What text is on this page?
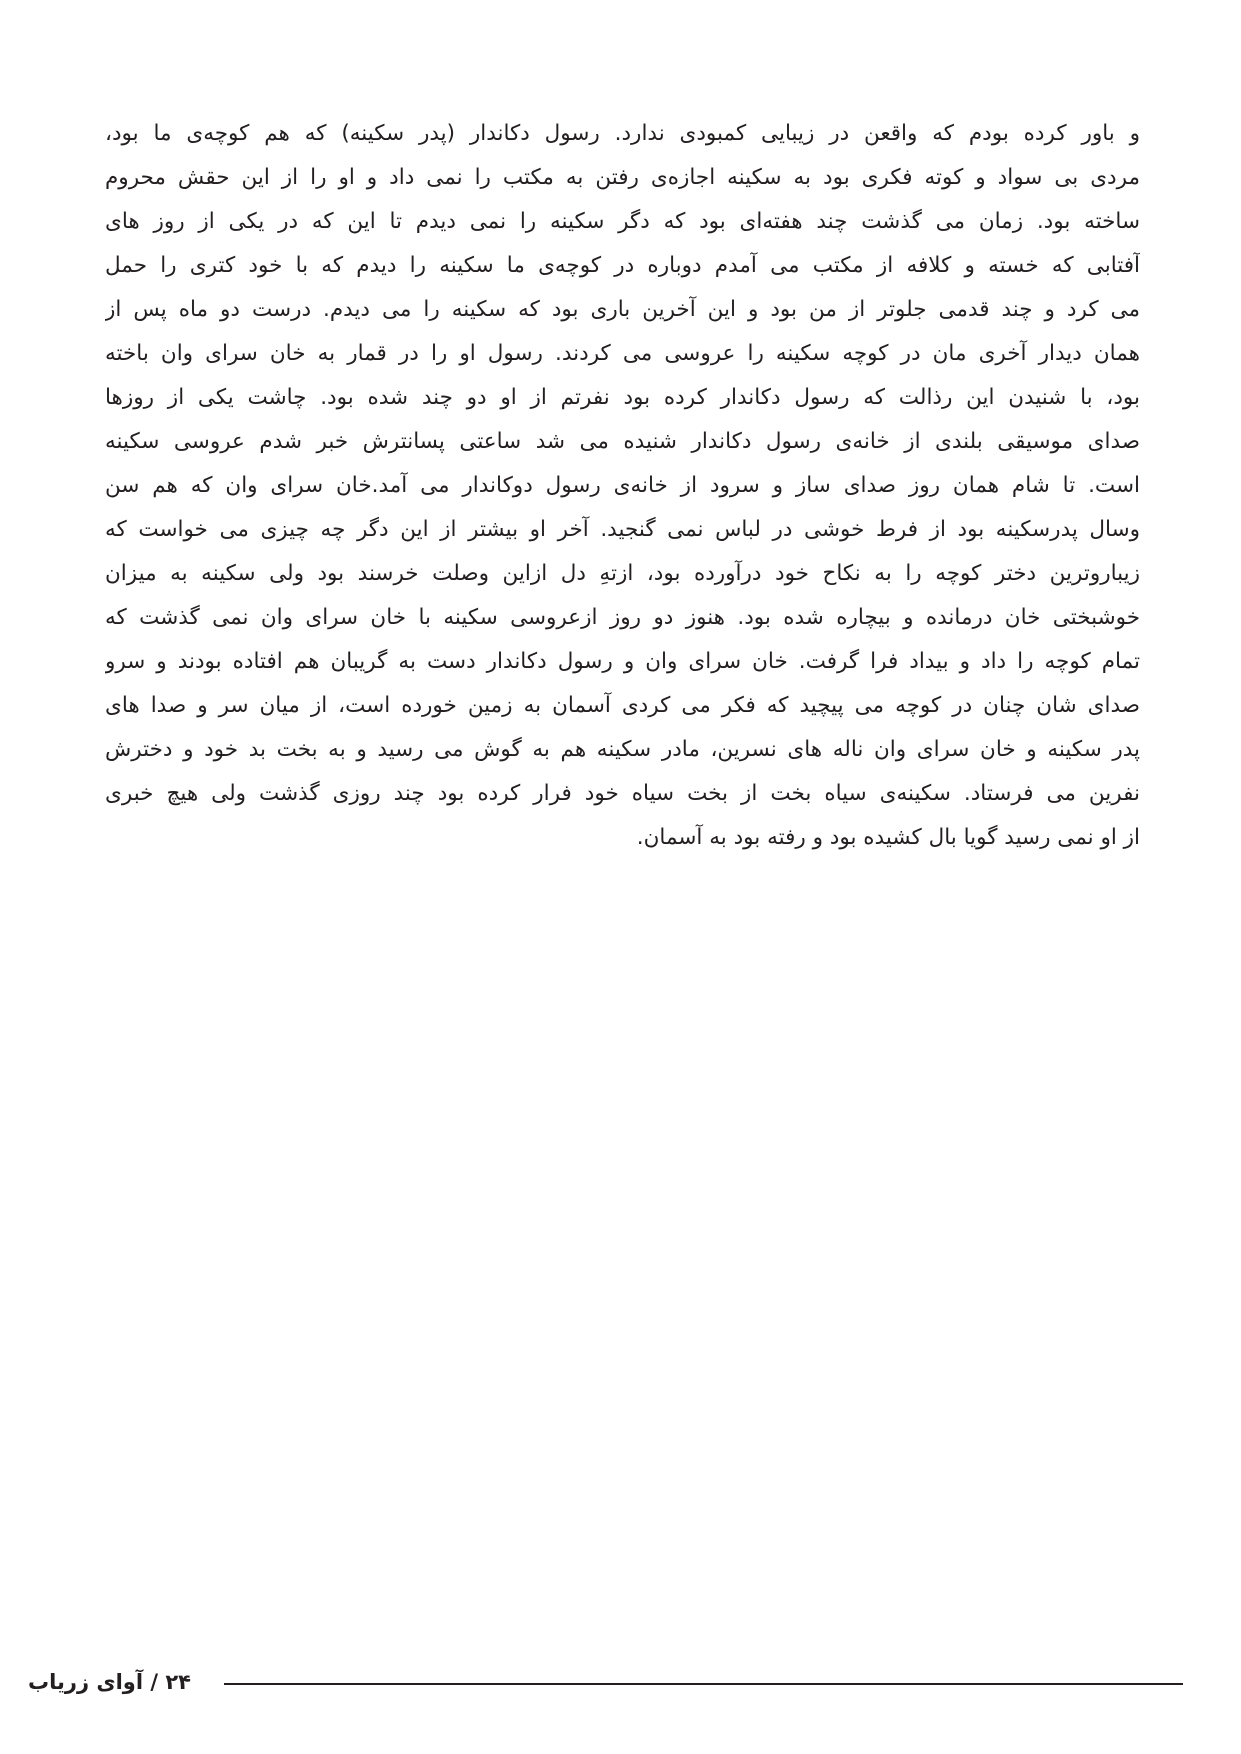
و باور کرده بودم که واقعن در زیبایی کمبودی ندارد. رسول دکاندار (پدر سکینه) که هم کوچه‌ی ما بود،
مردی بی سواد و کوته فکری بود به سکینه اجازه‌ی رفتن به مکتب را نمی داد و او را از این حقش محروم
ساخته بود. زمان می گذشت چند هفته‌ای بود که دگر سکینه را نمی دیدم تا این که در یکی از روز های
آفتابی که خسته و کلافه از مکتب می آمدم دوباره در کوچه‌ی ما سکینه را دیدم که با خود کتری را حمل
می کرد و چند قدمی جلوتر از من بود و این آخرین باری بود که سکینه را می دیدم. درست دو ماه پس از
همان دیدار آخری مان در کوچه سکینه را عروسی می کردند. رسول او را در قمار به خان سرای وان باخته
بود، با شنیدن این رذالت که رسول دکاندار کرده بود نفرتم از او دو چند شده بود. چاشت یکی از روزها
صدای موسیقی بلندی از خانه‌ی رسول دکاندار شنیده می شد ساعتی پسانترش خبر شدم عروسی سکینه
است. تا شام همان روز صدای ساز و سرود از خانه‌ی رسول دوکاندار می آمد.خان سرای وان که هم سن
وسال پدرسکینه بود از فرط خوشی در لباس نمی گنجید. آخر او بیشتر از این دگر چه چیزی می خواست که
زیباروترین دختر کوچه را به نکاح خود درآورده بود، ازتهِ دل ازاین وصلت خرسند بود ولی سکینه به میزان
خوشبختی خان درمانده و بیچاره شده بود. هنوز دو روز ازعروسی سکینه با خان سرای وان نمی گذشت که
تمام کوچه را داد و بیداد فرا گرفت. خان سرای وان و رسول دکاندار دست به گریبان هم افتاده بودند و سرو
صدای شان چنان در کوچه می پیچید که فکر می کردی آسمان به زمین خورده است، از میان سر و صدا های
پدر سکینه و خان سرای وان ناله های نسرین، مادر سکینه هم به گوش می رسید و به بخت بد خود و دخترش
نفرین می فرستاد. سکینه‌ی سیاه بخت از بخت سیاه خود فرار کرده بود چند روزی گذشت ولی هیچ خبری
از او نمی رسید گویا بال کشیده بود و رفته بود به آسمان.
۲۴ / آوای زریاب
